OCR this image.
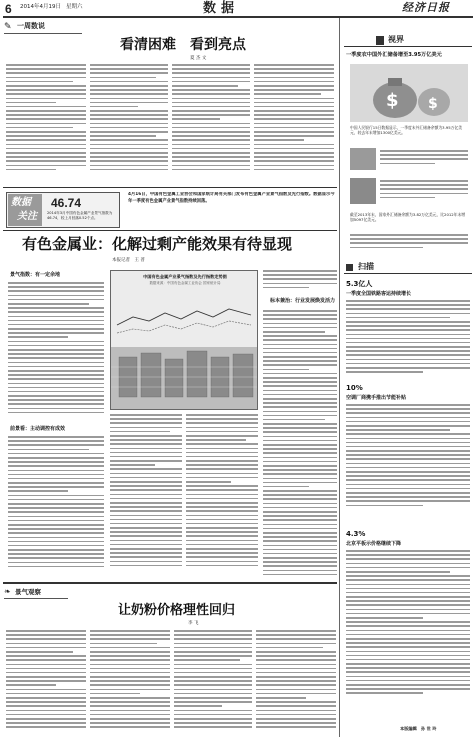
6 2014年4月19日 星期六	数据	经济日报
✎ 一周数说
看清困难　看到亮点
夏 杰 文
数据
关注
46.74
2014年3月中国有色金属产业景气指数为46.74，较上月回落0.52个点。
4月16日，中国有色金属工业协会和国家统计局有关部门发布有色金属产业景气指数及先行指数。数据显示今年一季度有色金属产业景气指数持续回落。
有色金属业：化解过剩产能效果有待显现
本报记者　王 普
景气指数：有一定余地
前景看：主动调控有成效
中国有色金属产业景气指数及先行指数走势图
数据来源：中国有色金属工业协会 国家统计局
标本兼治：行业发展焕发活力
❧ 景气观察
让奶粉价格理性回归
李 飞
视界
一季度农中国外汇储备增至3.95万亿美元
$ $
中国人民银行15日数据显示，一季度末外汇储备余额为3.95万亿美元，较去年末增加1300亿美元。
截至2013年末，国家外汇储备余额为3.82万亿美元，比2012年末增加5097亿美元。
扫描
5.3亿人
一季度全国铁路客运持续增长
10%
空调厂商携手推出节能补贴
4.3%
北京平板示价格继续下降
本版编辑　孙 世 玲
